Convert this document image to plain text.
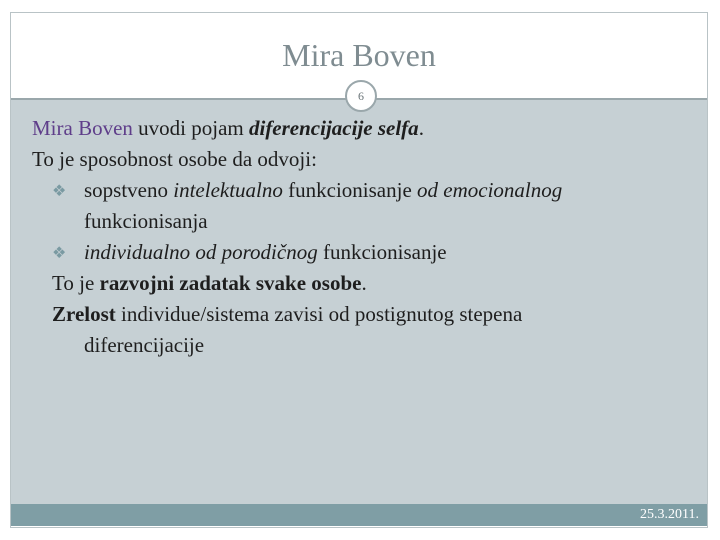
Mira Boven
6
Mira Boven uvodi pojam diferencijacije selfa.
To je sposobnost osobe da odvoji:
❖ sopstveno intelektualno funkcionisanje od emocionalnog
funkcionisanja
❖ individualno od porodičnog funkcionisanje
To je razvojni zadatak svake osobe.
Zrelost individue/sistema zavisi od postignutog stepena
diferencijacije
25.3.2011.
